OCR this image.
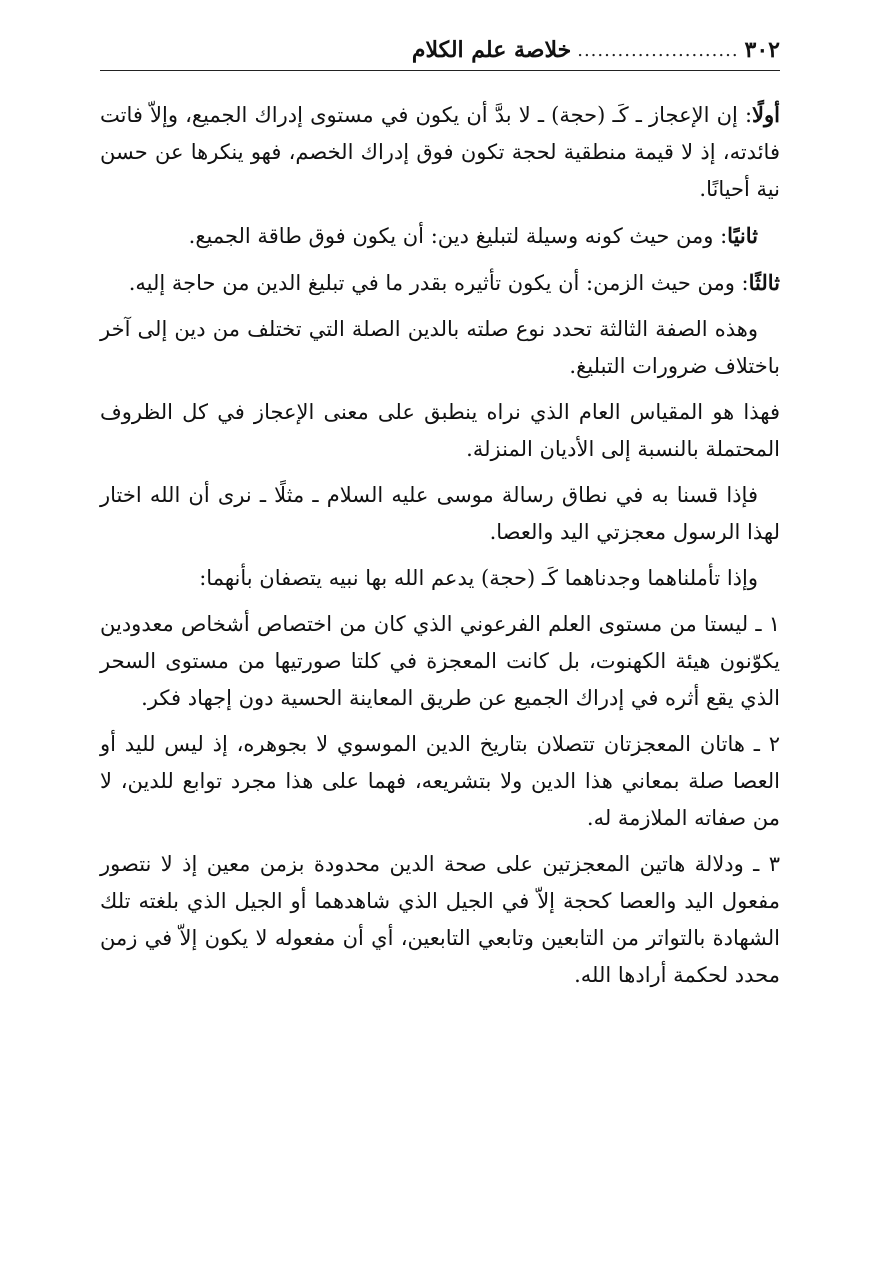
٣٠٢
........................
خلاصة علم الكلام

أولًا: إن الإعجاز ـ كَـ (حجة) ـ لا بدَّ أن يكون في مستوى إدراك الجميع، وإلاّ فاتت فائدته، إذ لا قيمة منطقية لحجة تكون فوق إدراك الخصم، فهو ينكرها عن حسن نية أحيانًا.

ثانيًا: ومن حيث كونه وسيلة لتبليغ دين: أن يكون فوق طاقة الجميع.

ثالثًا: ومن حيث الزمن: أن يكون تأثيره بقدر ما في تبليغ الدين من حاجة إليه.

وهذه الصفة الثالثة تحدد نوع صلته بالدين الصلة التي تختلف من دين إلى آخر باختلاف ضرورات التبليغ.

فهذا هو المقياس العام الذي نراه ينطبق على معنى الإعجاز في كل الظروف المحتملة بالنسبة إلى الأديان المنزلة.

فإذا قسنا به في نطاق رسالة موسى عليه السلام ـ مثلًا ـ نرى أن الله اختار لهذا الرسول معجزتي اليد والعصا.

وإذا تأملناهما وجدناهما كَـ (حجة) يدعم الله بها نبيه يتصفان بأنهما:

١ ـ ليستا من مستوى العلم الفرعوني الذي كان من اختصاص أشخاص معدودين يكوّنون هيئة الكهنوت، بل كانت المعجزة في كلتا صورتيها من مستوى السحر الذي يقع أثره في إدراك الجميع عن طريق المعاينة الحسية دون إجهاد فكر.

٢ ـ هاتان المعجزتان تتصلان بتاريخ الدين الموسوي لا بجوهره، إذ ليس لليد أو العصا صلة بمعاني هذا الدين ولا بتشريعه، فهما على هذا مجرد توابع للدين، لا من صفاته الملازمة له.

٣ ـ ودلالة هاتين المعجزتين على صحة الدين محدودة بزمن معين إذ لا نتصور مفعول اليد والعصا كحجة إلاّ في الجيل الذي شاهدهما أو الجيل الذي بلغته تلك الشهادة بالتواتر من التابعين وتابعي التابعين، أي أن مفعوله لا يكون إلاّ في زمن محدد لحكمة أرادها الله.
